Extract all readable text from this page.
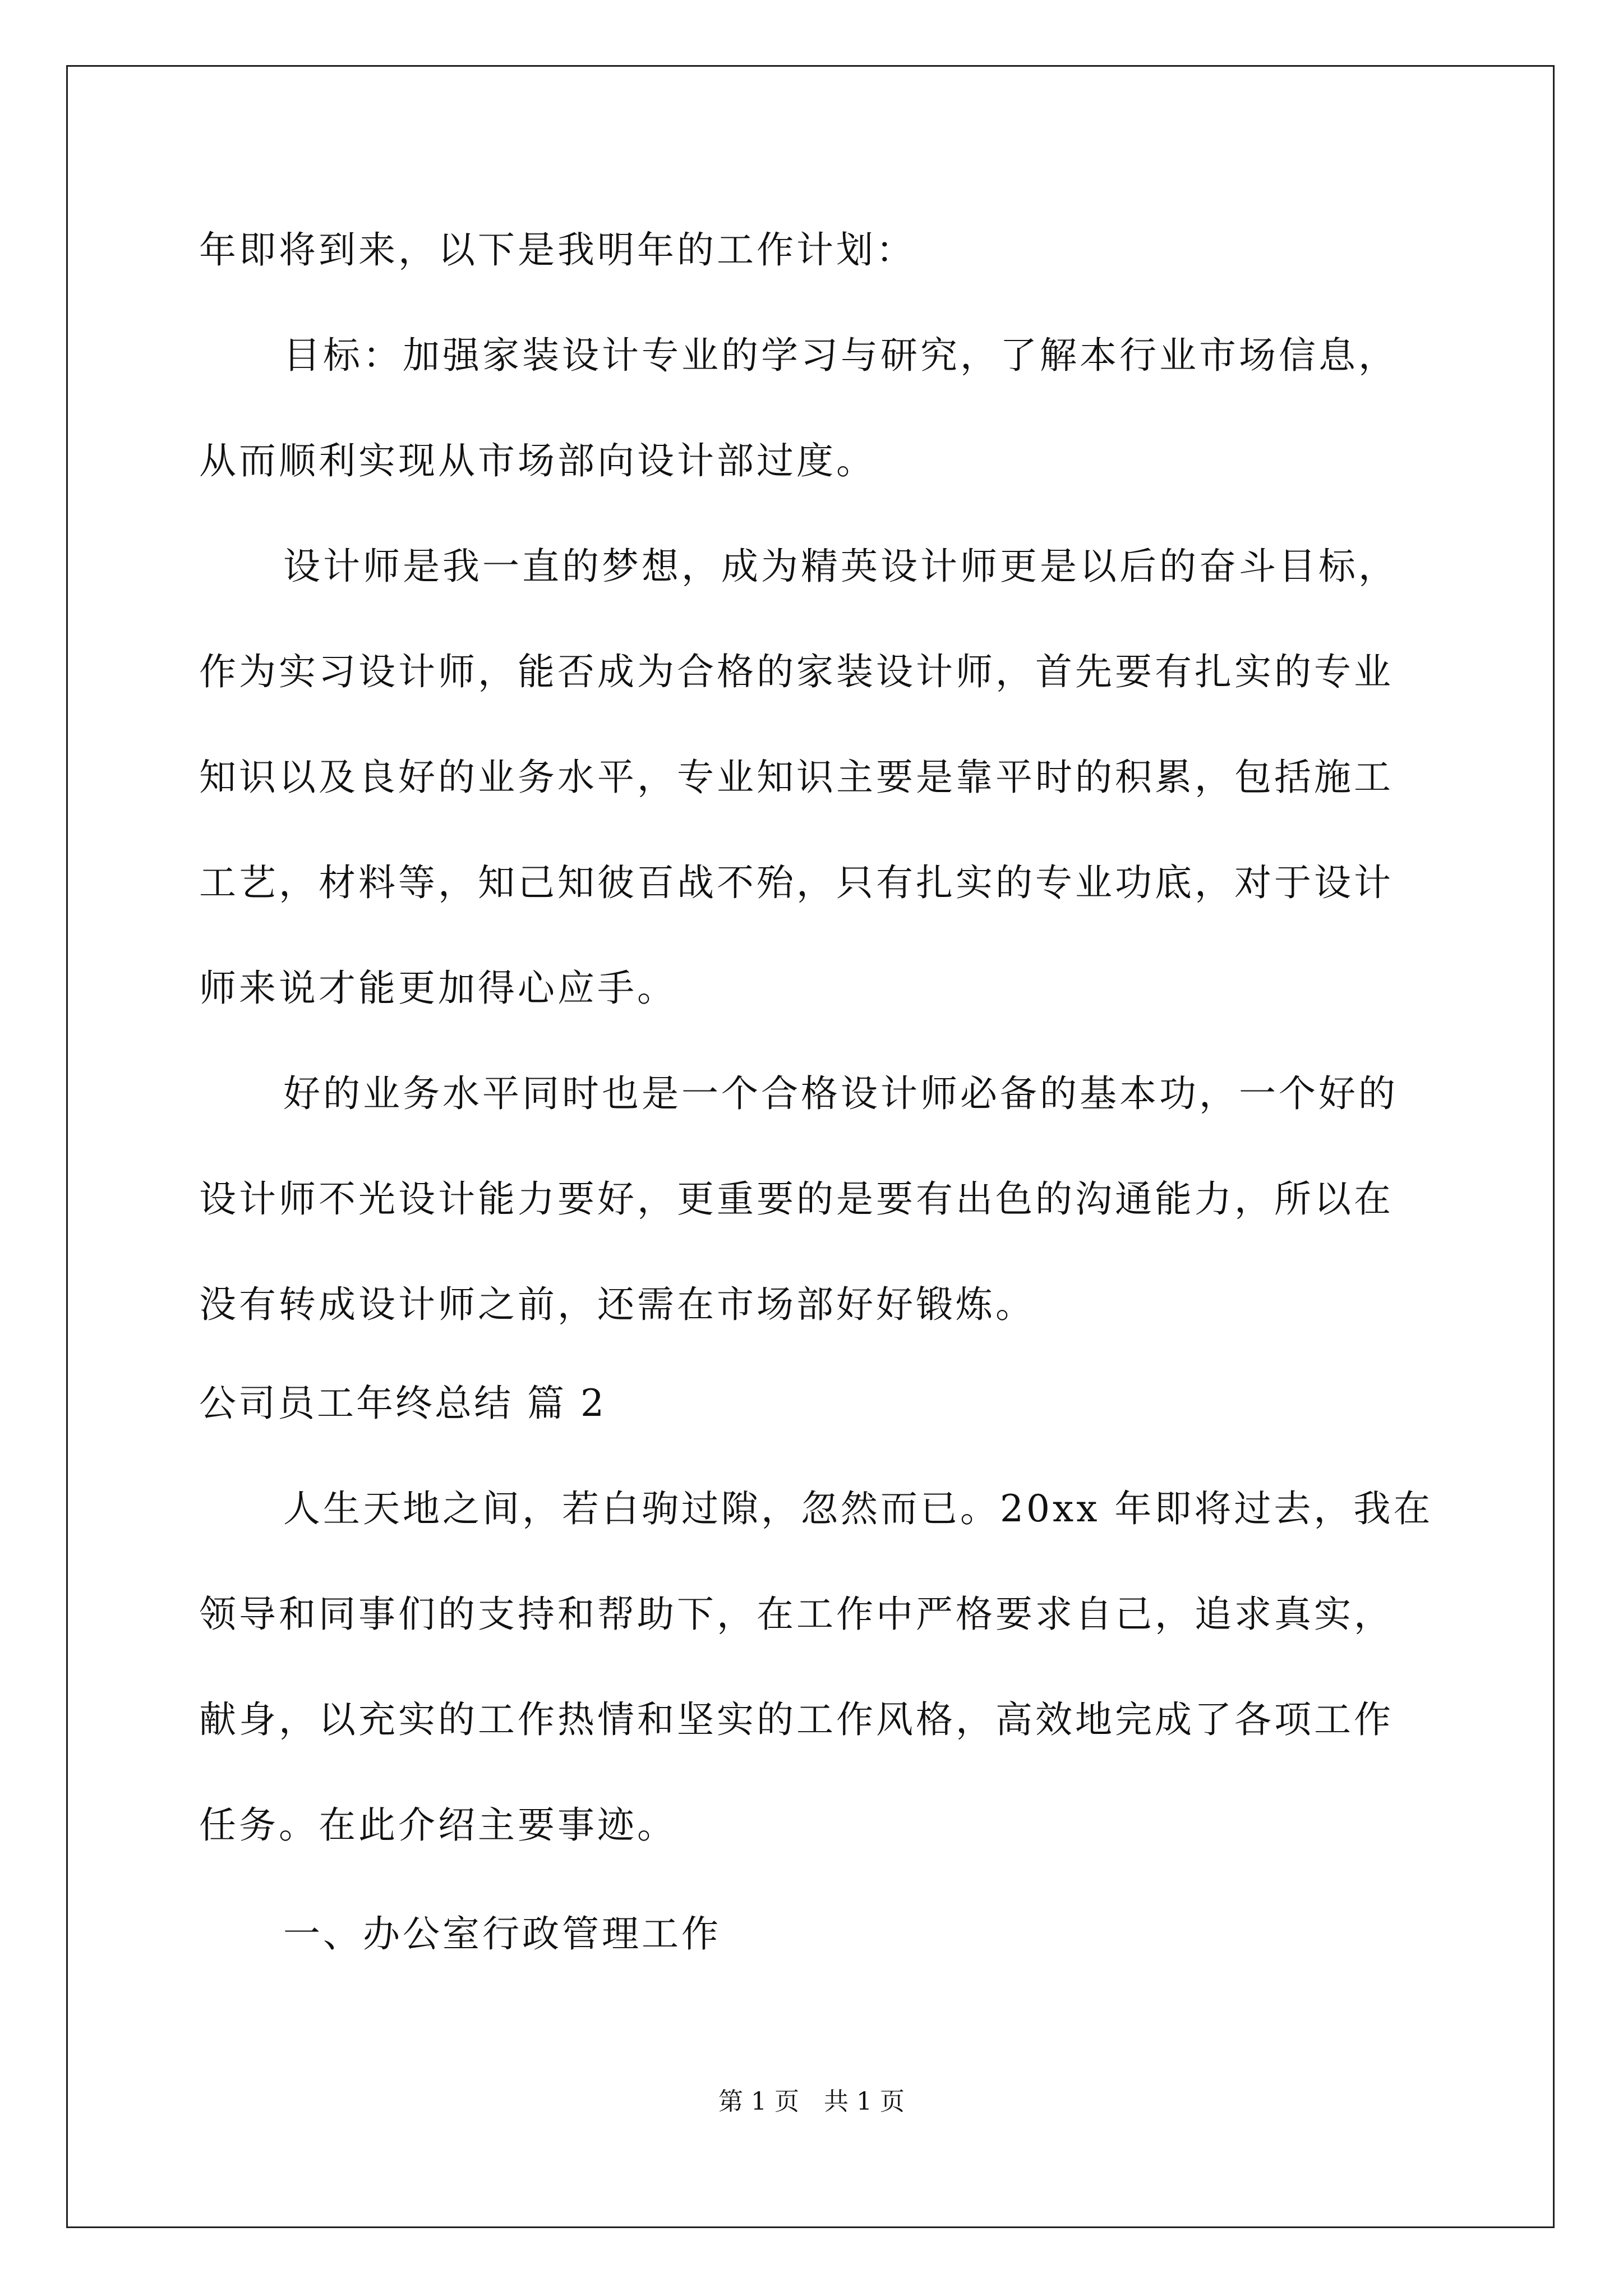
年即将到来，以下是我明年的工作计划：
目标：加强家装设计专业的学习与研究，了解本行业市场信息，
从而顺利实现从市场部向设计部过度。
设计师是我一直的梦想，成为精英设计师更是以后的奋斗目标，
作为实习设计师，能否成为合格的家装设计师，首先要有扎实的专业
知识以及良好的业务水平，专业知识主要是靠平时的积累，包括施工
工艺，材料等，知己知彼百战不殆，只有扎实的专业功底，对于设计
师来说才能更加得心应手。
好的业务水平同时也是一个合格设计师必备的基本功，一个好的
设计师不光设计能力要好，更重要的是要有出色的沟通能力，所以在
没有转成设计师之前，还需在市场部好好锻炼。
公司员工年终总结 篇 2
人生天地之间，若白驹过隙，忽然而已。20xx 年即将过去，我在
领导和同事们的支持和帮助下，在工作中严格要求自己，追求真实，
献身，以充实的工作热情和坚实的工作风格，高效地完成了各项工作
任务。在此介绍主要事迹。
一、办公室行政管理工作
第 1 页　共 1 页
